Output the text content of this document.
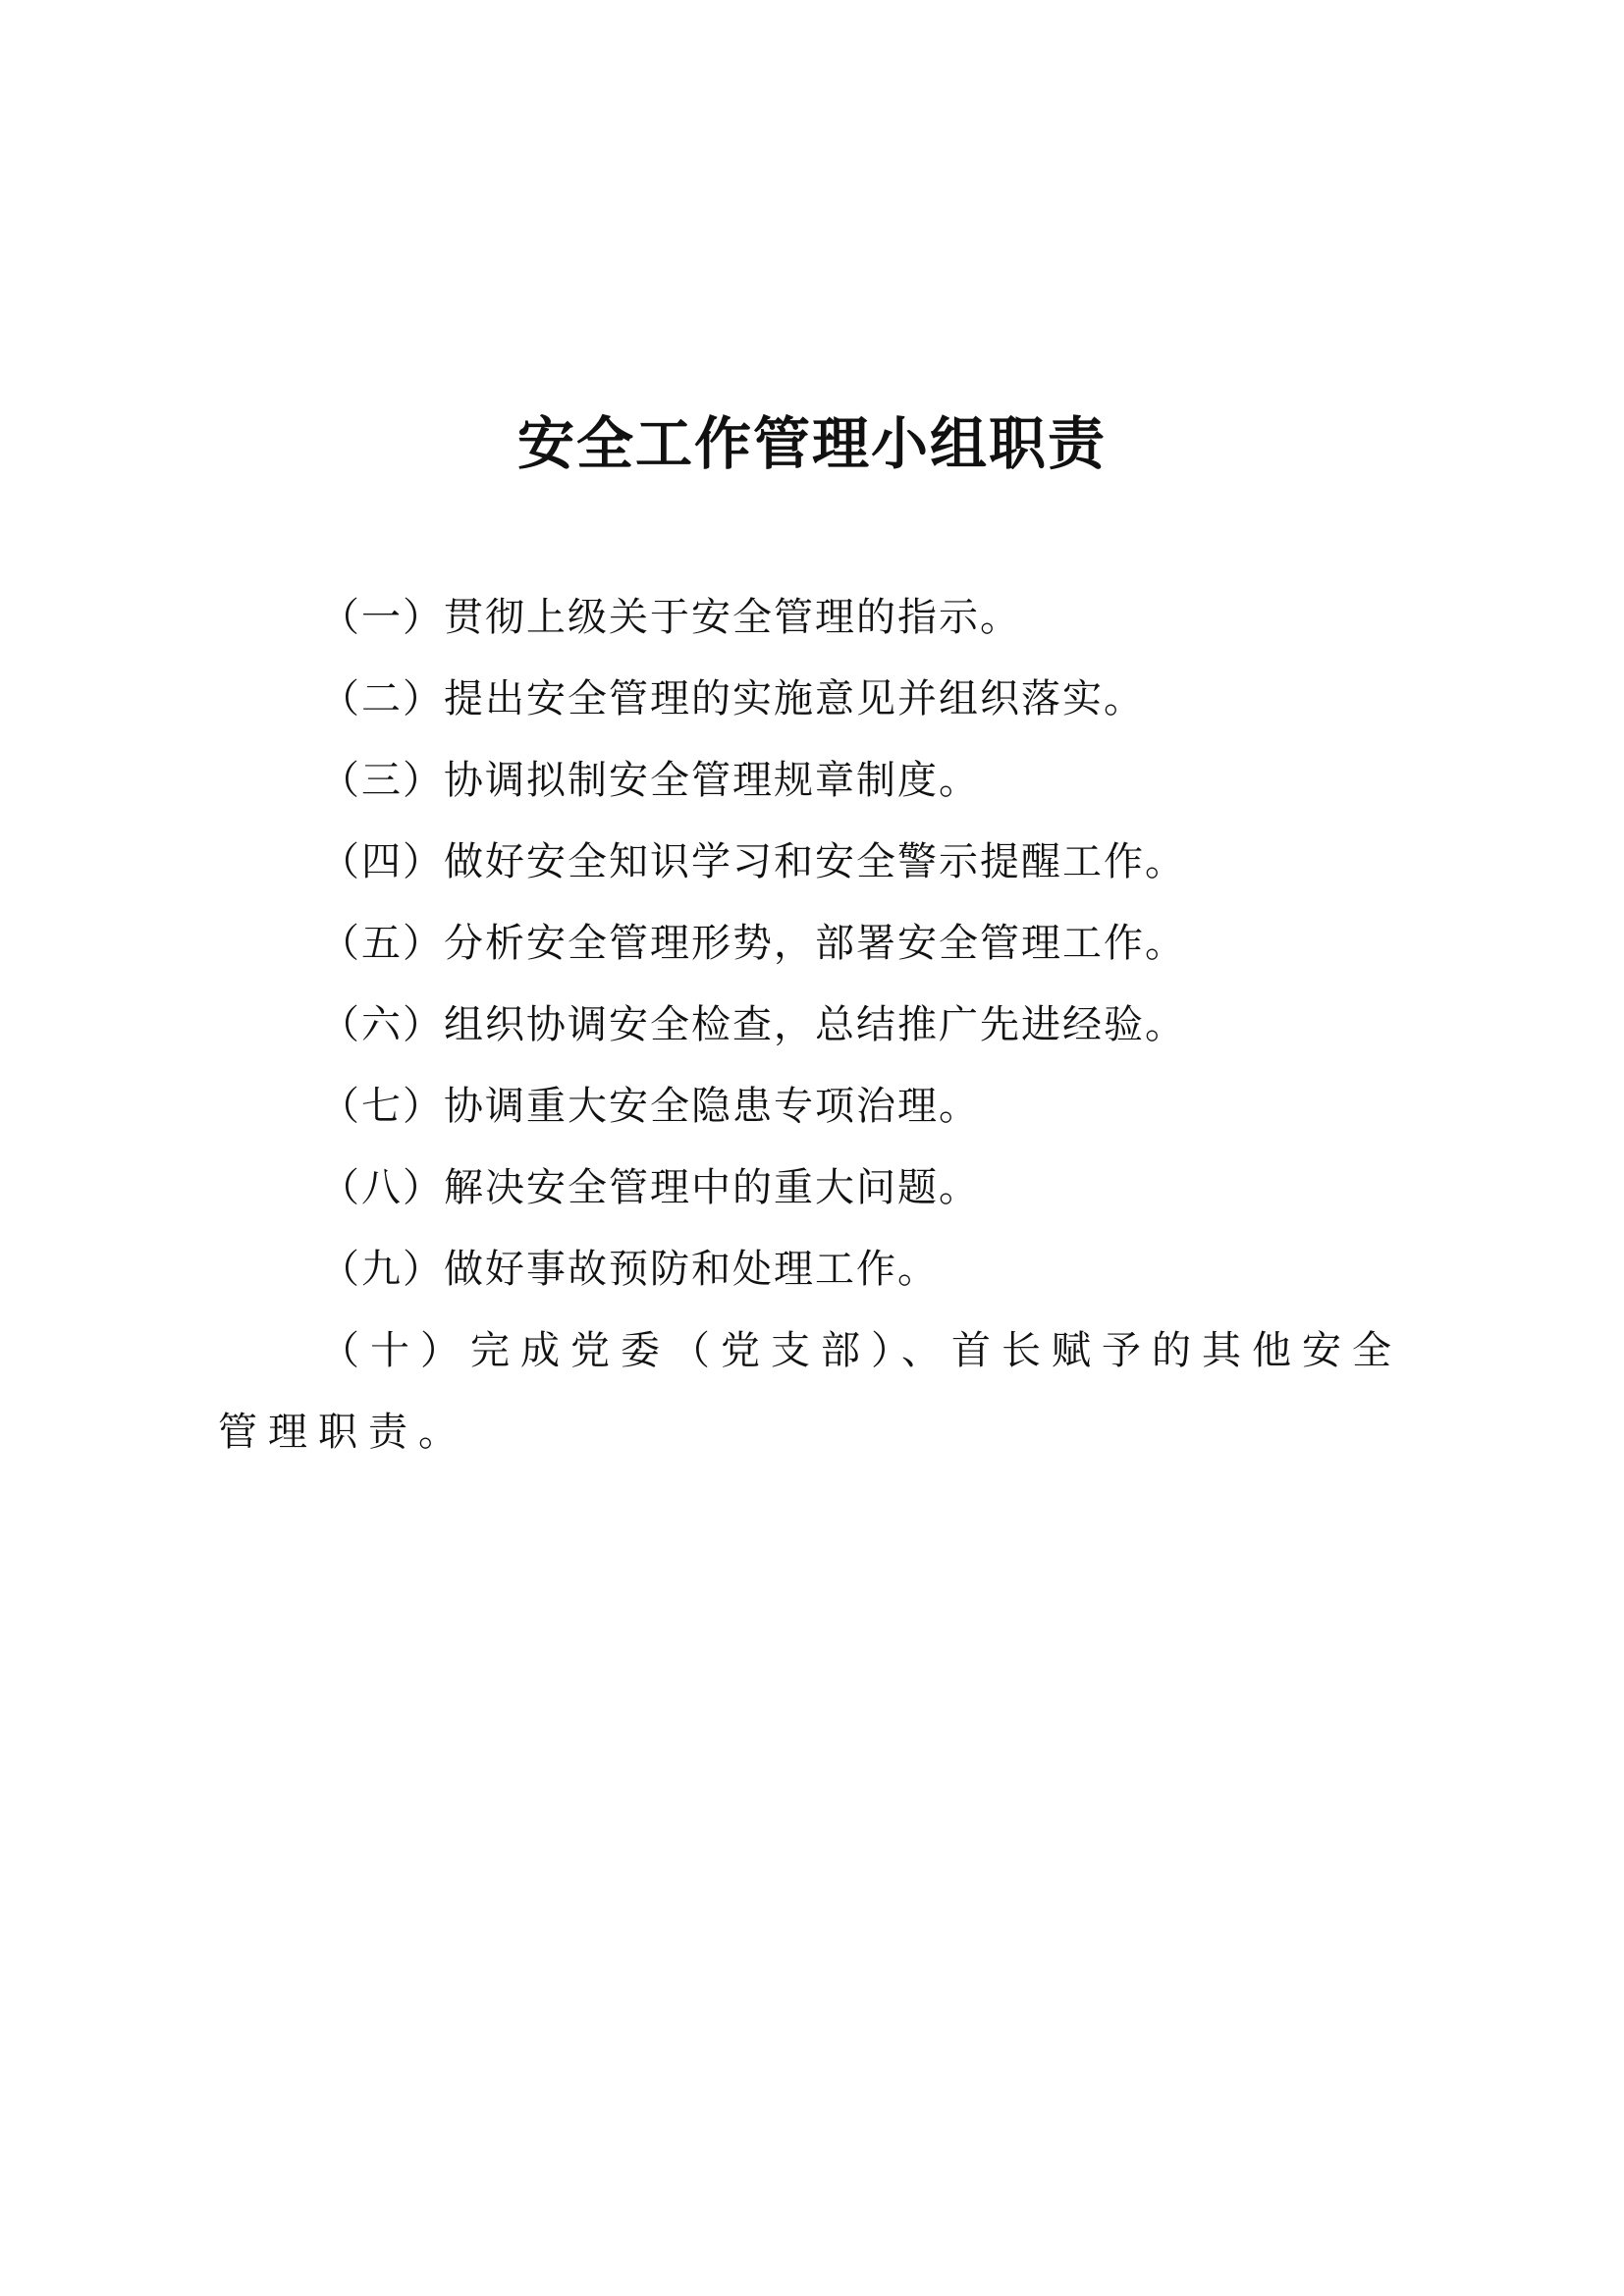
安全工作管理小组职责
（一）贯彻上级关于安全管理的指示。
（二）提出安全管理的实施意见并组织落实。
（三）协调拟制安全管理规章制度。
（四）做好安全知识学习和安全警示提醒工作。
（五）分析安全管理形势，部署安全管理工作。
（六）组织协调安全检查，总结推广先进经验。
（七）协调重大安全隐患专项治理。
（八）解决安全管理中的重大问题。
（九）做好事故预防和处理工作。
（十）完成党委（党支部）、首长赋予的其他安全管理职责。
